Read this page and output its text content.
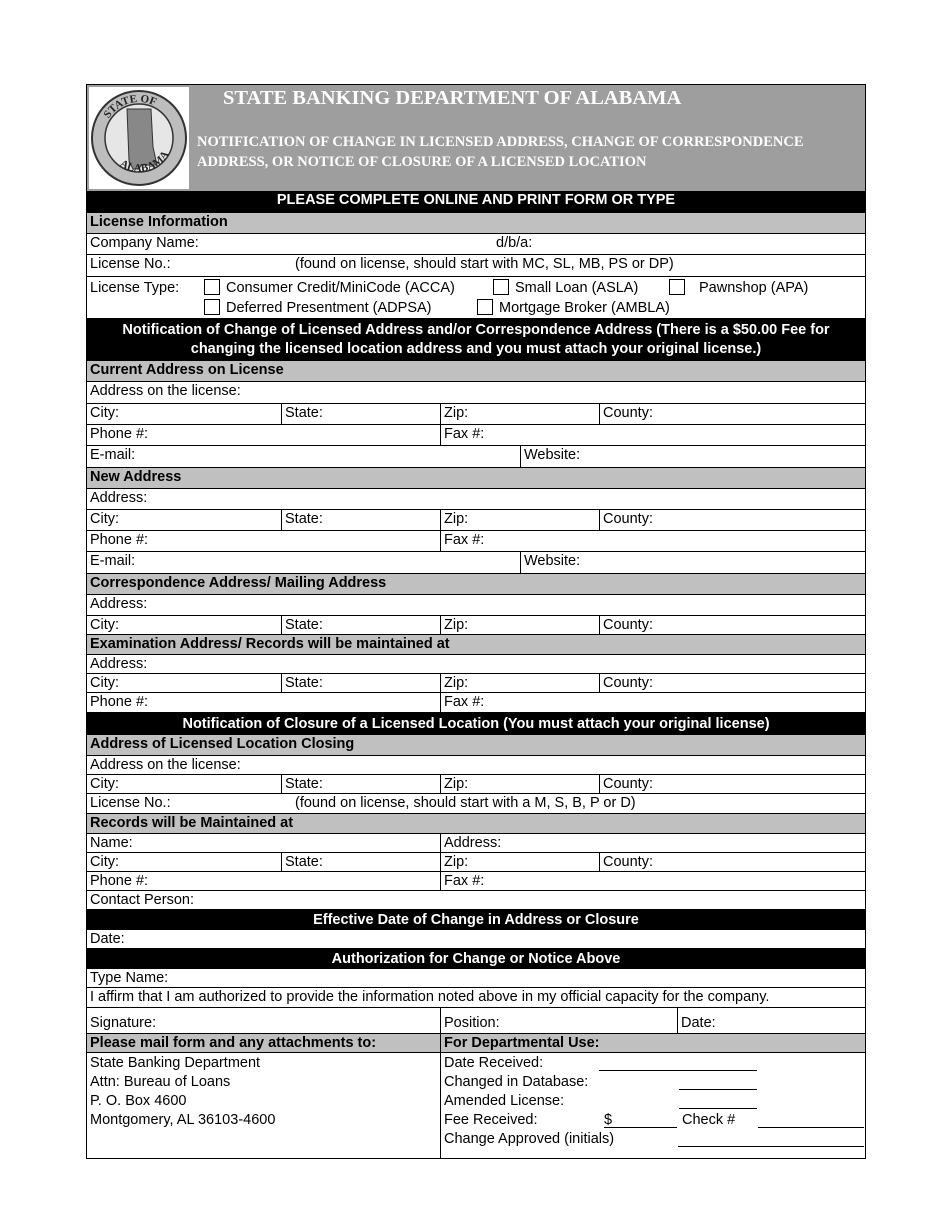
STATE OF
ALABAMA
STATE BANKING DEPARTMENT OF ALABAMA
NOTIFICATION OF CHANGE IN LICENSED ADDRESS, CHANGE OF CORRESPONDENCE
ADDRESS, OR NOTICE OF CLOSURE OF A LICENSED LOCATION
PLEASE COMPLETE ONLINE AND PRINT FORM OR TYPE
License Information
Company Name:	d/b/a:
License No.:	(found on license, should start with MC, SL, MB, PS or DP)
License Type:	Consumer Credit/MiniCode (ACCA)	Small Loan (ASLA)	Pawnshop (APA)
Deferred Presentment (ADPSA)	Mortgage Broker (AMBLA)
Notification of Change of Licensed Address and/or Correspondence Address (There is a $50.00 Fee for
changing the licensed location address and you must attach your original license.)
Current Address on License
Address on the license:
City:	State:	Zip:	County:
Phone #:	Fax #:
E-mail:	Website:
New Address
Address:
City:	State:	Zip:	County:
Phone #:	Fax #:
E-mail:	Website:
Correspondence Address/ Mailing Address
Address:
City:	State:	Zip:	County:
Examination Address/ Records will be maintained at
Address:
City:	State:	Zip:	County:
Phone #:	Fax #:
Notification of Closure of a Licensed Location (You must attach your original license)
Address of Licensed Location Closing
Address on the license:
City:	State:	Zip:	County:
License No.:	(found on license, should start with a M, S, B, P or D)
Records will be Maintained at
Name:	Address:
City:	State:	Zip:	County:
Phone #:	Fax #:
Contact Person:
Effective Date of Change in Address or Closure
Date:
Authorization for Change or Notice Above
Type Name:
I affirm that I am authorized to provide the information noted above in my official capacity for the company.
Signature:	Position:	Date:
Please mail form and any attachments to:	For Departmental Use:
State Banking Department
Attn: Bureau of Loans
P. O. Box 4600
Montgomery, AL 36103-4600
Date Received:
Changed in Database:
Amended License:
Fee Received:	$	Check #
Change Approved (initials)
